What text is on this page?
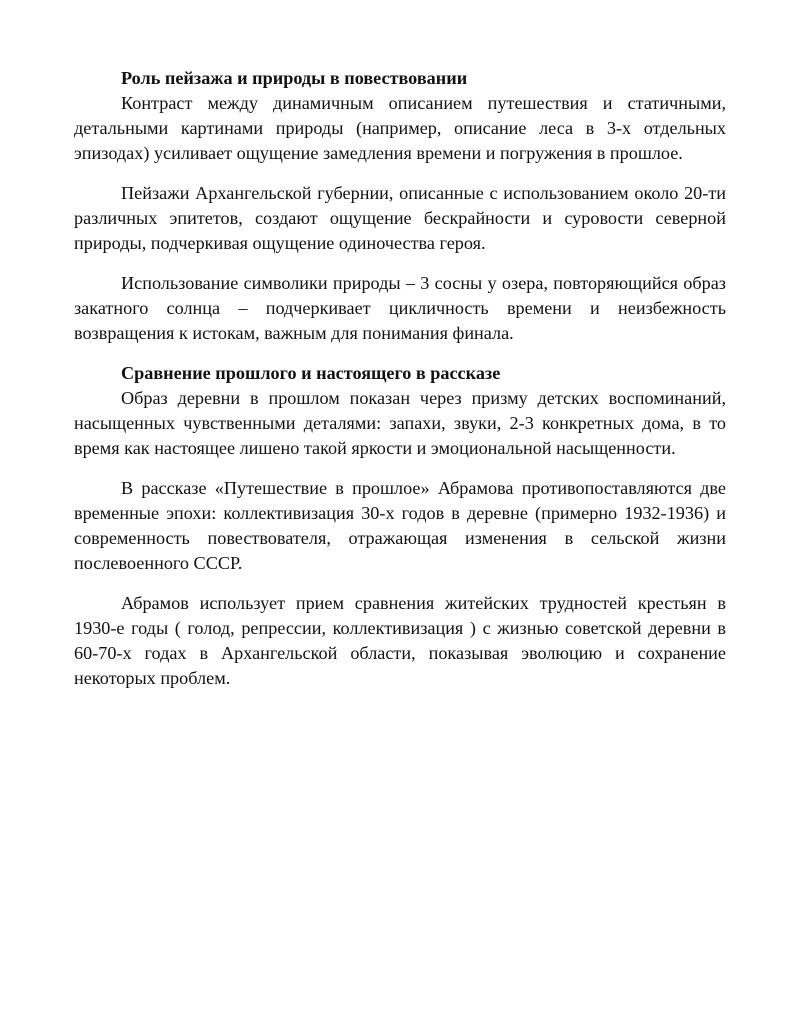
Роль пейзажа и природы в повествовании

Контраст между динамичным описанием путешествия и статичными, детальными картинами природы (например, описание леса в 3-х отдельных эпизодах) усиливает ощущение замедления времени и погружения в прошлое.

Пейзажи Архангельской губернии, описанные с использованием около 20-ти различных эпитетов, создают ощущение бескрайности и суровости северной природы, подчеркивая ощущение одиночества героя.

Использование символики природы – 3 сосны у озера, повторяющийся образ закатного солнца – подчеркивает цикличность времени и неизбежность возвращения к истокам, важным для понимания финала.

Сравнение прошлого и настоящего в рассказе

Образ деревни в прошлом показан через призму детских воспоминаний, насыщенных чувственными деталями: запахи, звуки, 2-3 конкретных дома, в то время как настоящее лишено такой яркости и эмоциональной насыщенности.

В рассказе «Путешествие в прошлое» Абрамова противопоставляются две временные эпохи: коллективизация 30-х годов в деревне (примерно 1932-1936) и современность повествователя, отражающая изменения в сельской жизни послевоенного СССР.

Абрамов использует прием сравнения житейских трудностей крестьян в 1930-е годы ( голод, репрессии, коллективизация ) с жизнью советской деревни в 60-70-х годах в Архангельской области, показывая эволюцию и сохранение некоторых проблем.
